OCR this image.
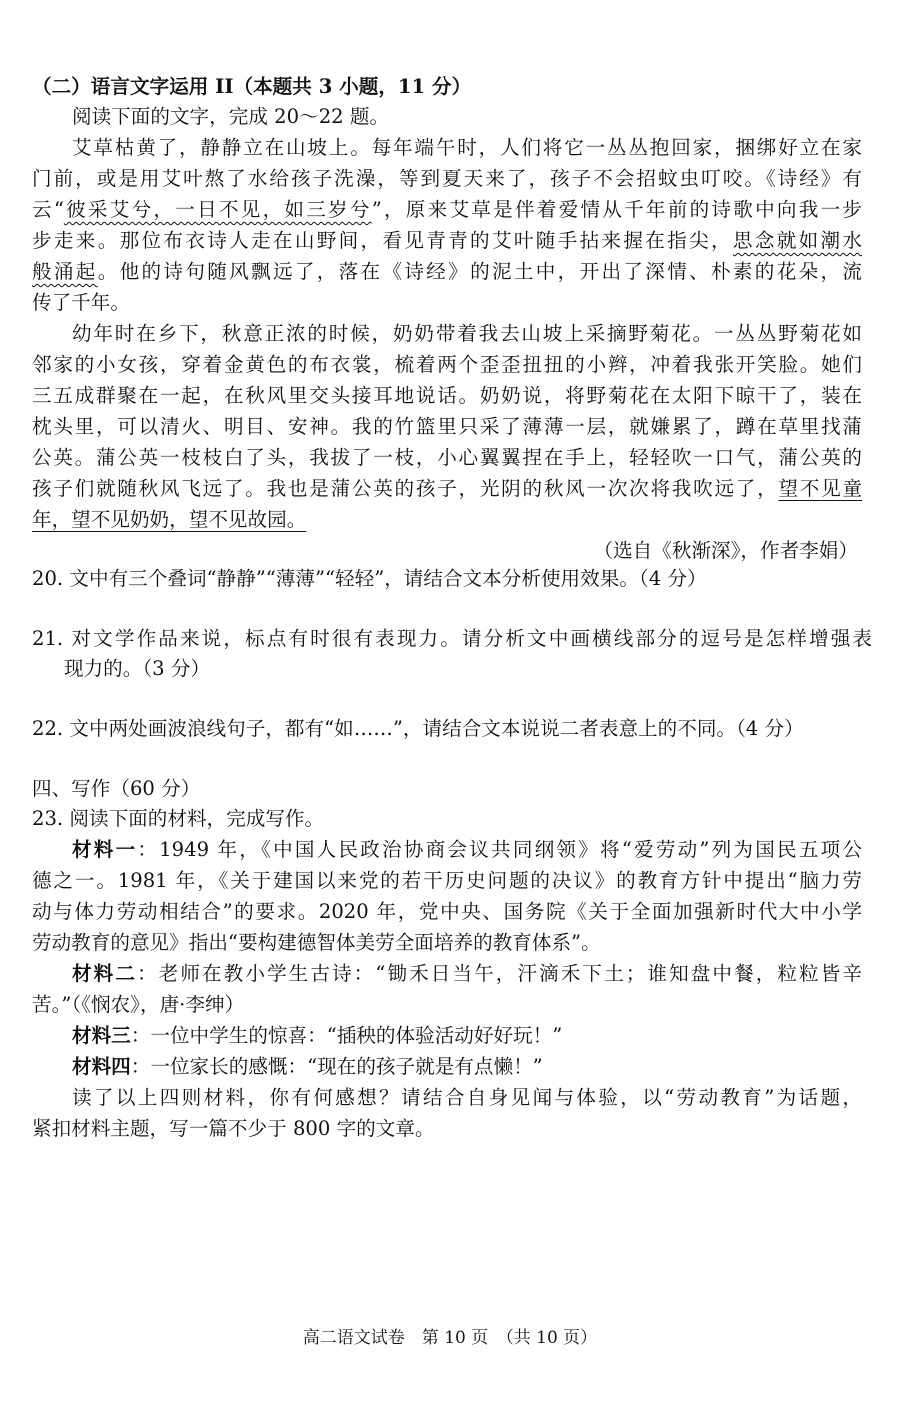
（二）语言文字运用 II（本题共 3 小题，11 分）
阅读下面的文字，完成 20～22 题。
艾草枯黄了，静静立在山坡上。每年端午时，人们将它一丛丛抱回家，捆绑好立在家
门前，或是用艾叶熬了水给孩子洗澡，等到夏天来了，孩子不会招蚊虫叮咬。《诗经》有
云“彼采艾兮，一日不见，如三岁兮”，原来艾草是伴着爱情从千年前的诗歌中向我一步
步走来。那位布衣诗人走在山野间，看见青青的艾叶随手拈来握在指尖，思念就如潮水
般涌起。他的诗句随风飘远了，落在《诗经》的泥土中，开出了深情、朴素的花朵，流
传了千年。
幼年时在乡下，秋意正浓的时候，奶奶带着我去山坡上采摘野菊花。一丛丛野菊花如
邻家的小女孩，穿着金黄色的布衣裳，梳着两个歪歪扭扭的小辫，冲着我张开笑脸。她们
三五成群聚在一起，在秋风里交头接耳地说话。奶奶说，将野菊花在太阳下晾干了，装在
枕头里，可以清火、明目、安神。我的竹篮里只采了薄薄一层，就嫌累了，蹲在草里找蒲
公英。蒲公英一枝枝白了头，我拔了一枝，小心翼翼捏在手上，轻轻吹一口气，蒲公英的
孩子们就随秋风飞远了。我也是蒲公英的孩子，光阴的秋风一次次将我吹远了，望不见童
年，望不见奶奶，望不见故园。
（选自《秋渐深》，作者李娟）
20. 文中有三个叠词“静静”“薄薄”“轻轻”，请结合文本分析使用效果。（4 分）
21. 对文学作品来说，标点有时很有表现力。请分析文中画横线部分的逗号是怎样增强表
现力的。（3 分）
22. 文中两处画波浪线句子，都有“如……”，请结合文本说说二者表意上的不同。（4 分）
四、写作（60 分）
23. 阅读下面的材料，完成写作。
材料一：1949 年，《中国人民政治协商会议共同纲领》将“爱劳动”列为国民五项公
德之一。1981 年，《关于建国以来党的若干历史问题的决议》的教育方针中提出“脑力劳
动与体力劳动相结合”的要求。2020 年，党中央、国务院《关于全面加强新时代大中小学
劳动教育的意见》指出“要构建德智体美劳全面培养的教育体系”。
材料二：老师在教小学生古诗：“锄禾日当午，汗滴禾下土；谁知盘中餐，粒粒皆辛
苦。”（《悯农》，唐·李绅）
材料三：一位中学生的惊喜：“插秧的体验活动好好玩！”
材料四：一位家长的感慨：“现在的孩子就是有点懒！”
读了以上四则材料，你有何感想？请结合自身见闻与体验，以“劳动教育”为话题，
紧扣材料主题，写一篇不少于 800 字的文章。
高二语文试卷　第 10 页　（共 10 页）
